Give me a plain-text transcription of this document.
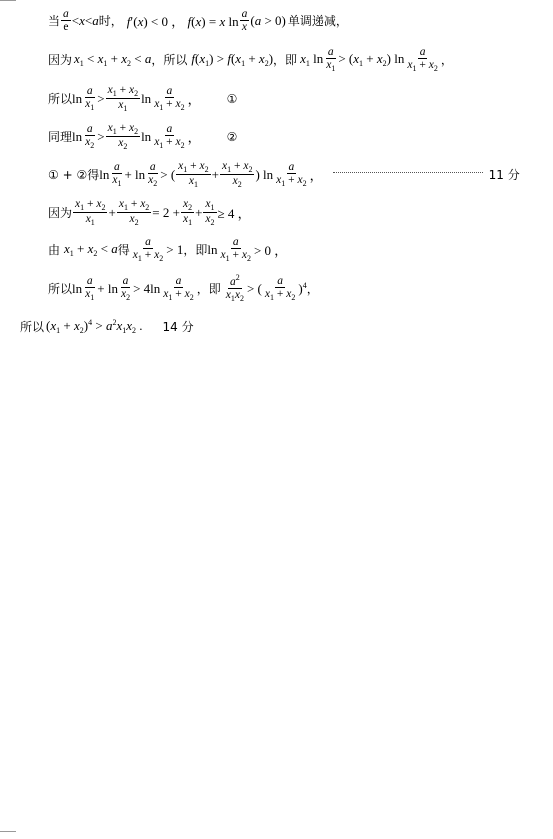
当 $\frac{a}{e} <x<a$ 时， f′(x) < 0 ， f(x) = x $\ln \frac{a}{x} (a > 0)$ 单调递减，
因为 $x_1 < x_1 + x_2 < a$ ，所以 $f(x_1) > f(x_1 + x_2)$ ，即 $x_1$ $\ln \frac{a}{x_1} > (x_1 + x_2)$ $\ln \frac{a}{x_1 + x_2}$ ，
所以 $\ln \frac{a}{x_1} > \frac{x_1 + x_2}{x_1}$ $\ln \frac{a}{x_1 + x_2}$ ， ①
同理 $\ln \frac{a}{x_2} > \frac{x_1 + x_2}{x_2}$ $\ln \frac{a}{x_1 + x_2}$ ， ②
① + ②得 $\ln \frac{a}{x_1} + \ln \frac{a}{x_2}$ > ( $\frac{x_1 + x_2}{x_1} + \frac{x_1 + x_2}{x_2}$ ) $\ln \frac{a}{x_1 + x_2}$ ，	11 分
因为 $\frac{x_1 + x_2}{x_1} + \frac{x_1 + x_2}{x_2} = 2 + \frac{x_2}{x_1} + \frac{x_1}{x_2} \ge 4$ ，
由 $x_1 + x_2 < a$ 得 $\frac{a}{x_1 + x_2} > 1$ ，即 $\ln \frac{a}{x_1 + x_2} > 0$ ，
所以 $\ln \frac{a}{x_1} + \ln \frac{a}{x_2} > 4\ln \frac{a}{x_1 + x_2}$ ，即 $\frac{a^2}{x_1x_2}$ > ( $\frac{a}{x_1 + x_2} )^4$ ，
所以 $(x_1 + x_2)^4 > a^2x_1x_2$ . 14 分
